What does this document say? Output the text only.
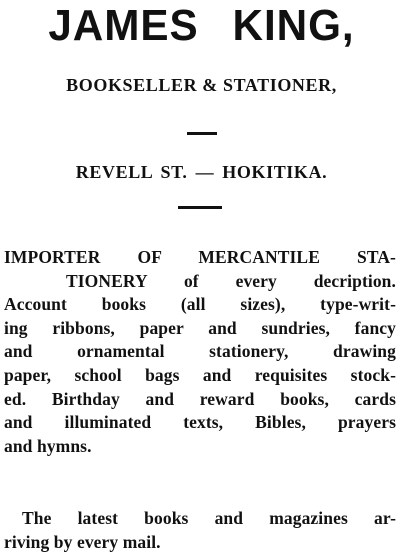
JAMES KING,
BOOKSELLER & STATIONER,
REVELL ST. — HOKITIKA.
IMPORTER OF MERCANTILE STA-
TIONERY of every decription.
Account books (all sizes), type-writ-
ing ribbons, paper and sundries, fancy
and ornamental stationery, drawing
paper, school bags and requisites stock-
ed. Birthday and reward books, cards
and illuminated texts, Bibles, prayers
and hymns.
The latest books and magazines ar-
riving by every mail.
